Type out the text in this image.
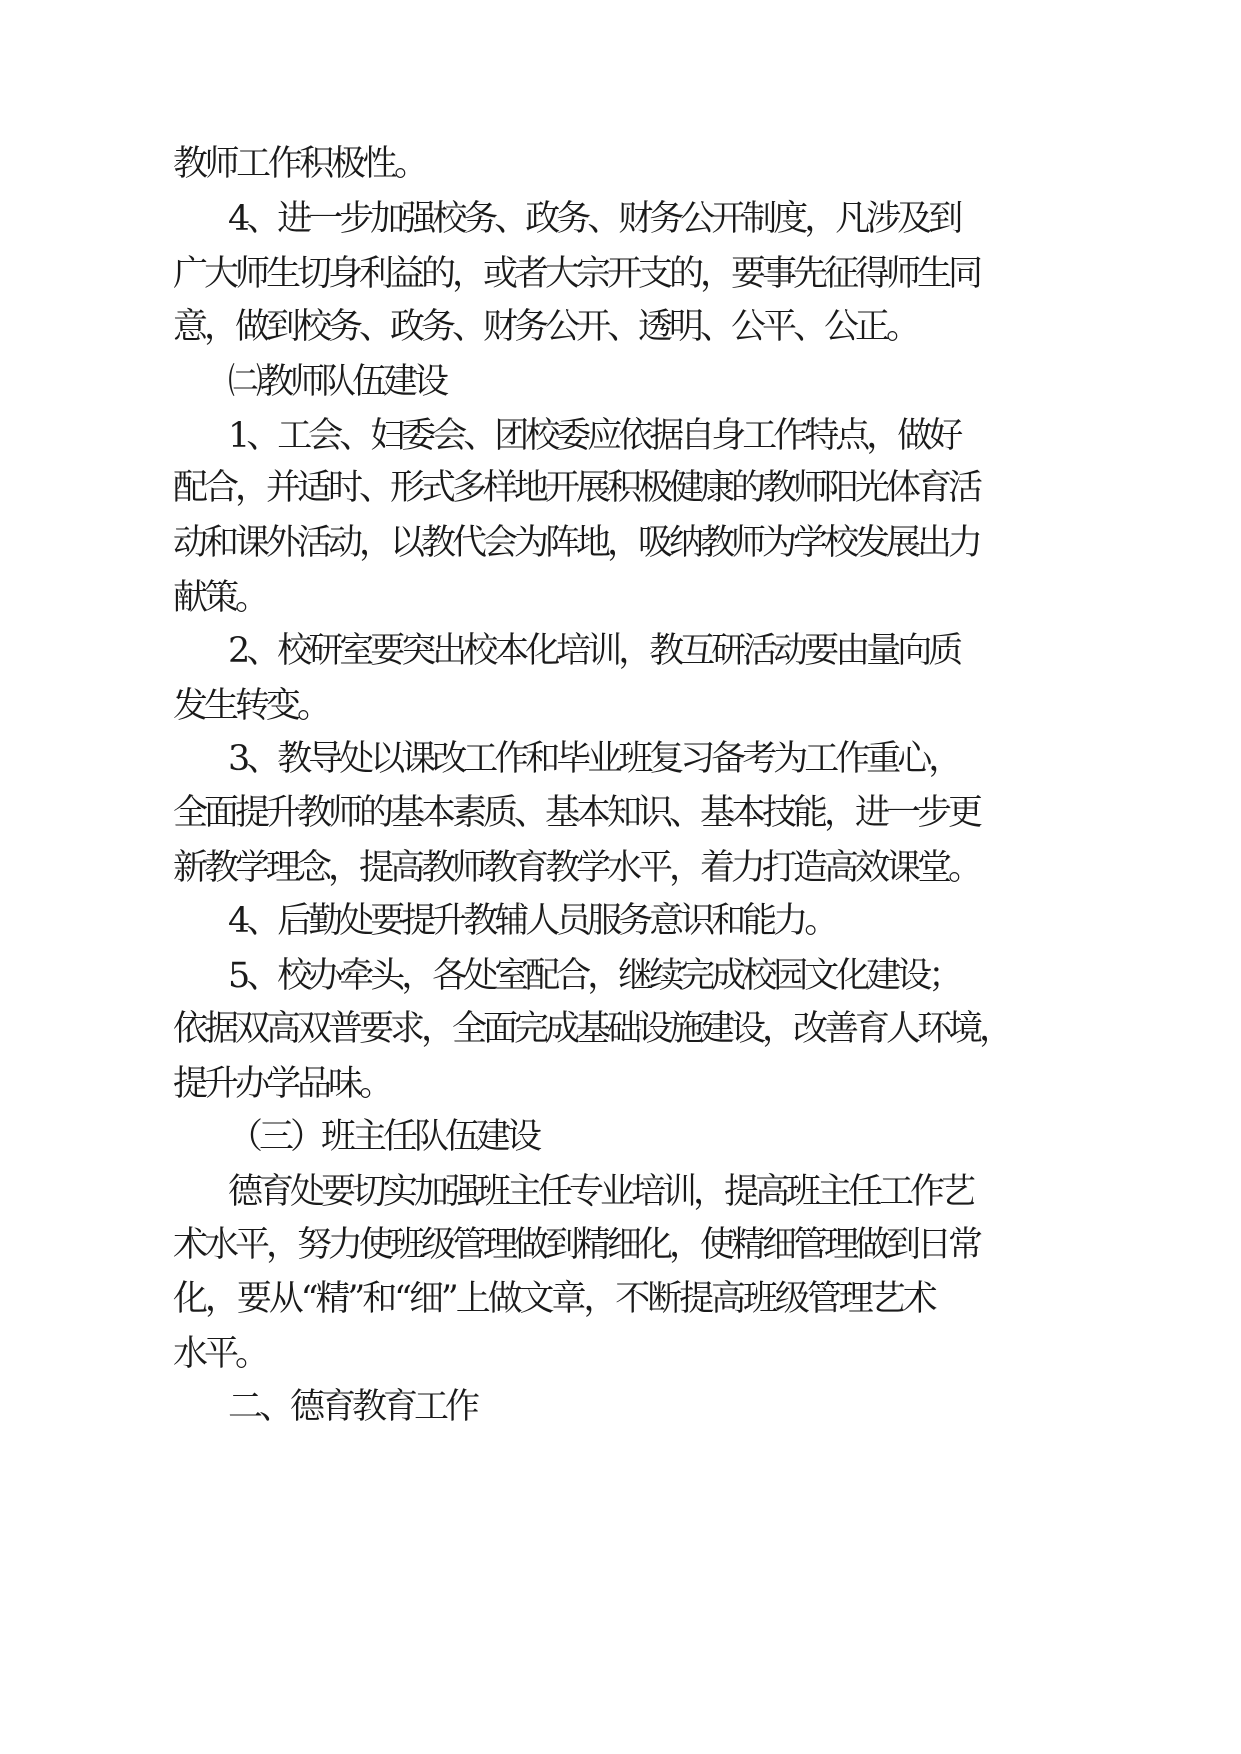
教师工作积极性。

4、进一步加强校务、政务、财务公开制度，凡涉及到

广大师生切身利益的，或者大宗开支的，要事先征得师生同

意，做到校务、政务、财务公开、透明、公平、公正。

㈡教师队伍建设

1、工会、妇委会、团校委应依据自身工作特点，做好

配合，并适时、形式多样地开展积极健康的教师阳光体育活

动和课外活动，以教代会为阵地，吸纳教师为学校发展出力

献策。

2、校研室要突出校本化培训，教互研活动要由量向质

发生转变。

3、教导处以课改工作和毕业班复习备考为工作重心，

全面提升教师的基本素质、基本知识、基本技能，进一步更

新教学理念，提高教师教育教学水平，着力打造高效课堂。

4、后勤处要提升教辅人员服务意识和能力。

5、校办牵头，各处室配合，继续完成校园文化建设；

依据双高双普要求，全面完成基础设施建设，改善育人环境，

提升办学品味。

（三）班主任队伍建设

德育处要切实加强班主任专业培训，提高班主任工作艺

术水平，努力使班级管理做到精细化，使精细管理做到日常

化，要从“精”和“细”上做文章，不断提高班级管理艺术

水平。

二、德育教育工作
